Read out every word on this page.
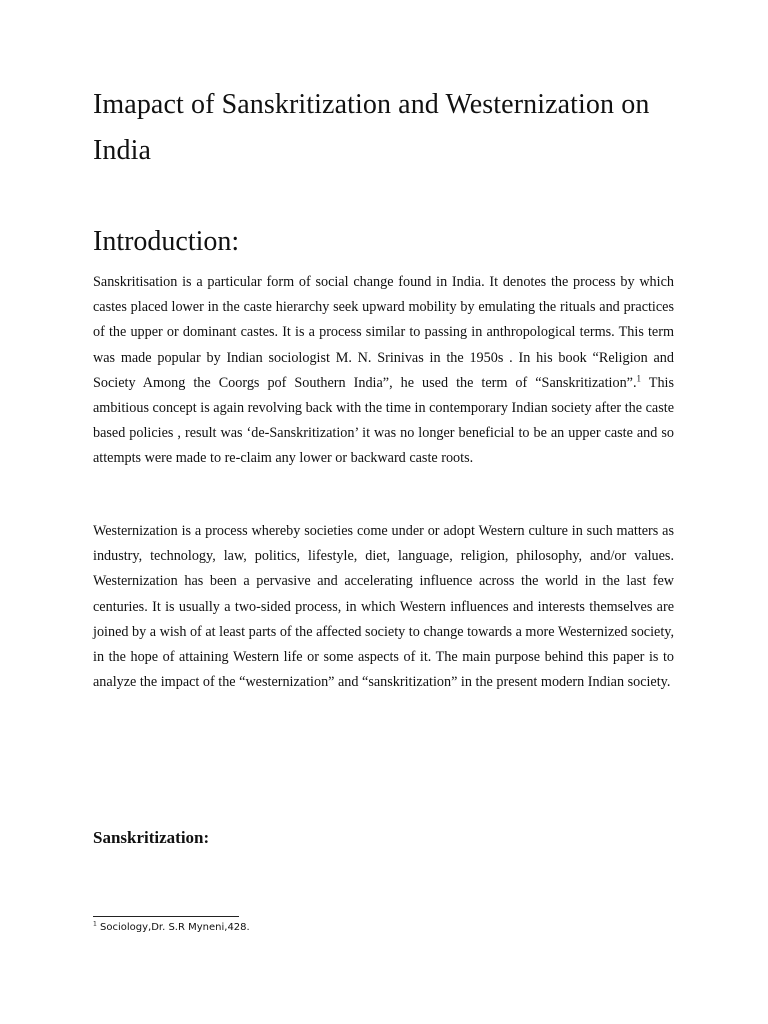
Imapact of Sanskritization and Westernization on India
Introduction:

Sanskritisation is a particular form of social change found in India. It denotes the process by which castes placed lower in the caste hierarchy seek upward mobility by emulating the rituals and practices of the upper or dominant castes. It is a process similar to passing in anthropological terms. This term was made popular by Indian sociologist M. N. Srinivas in the 1950s . In his book “Religion and Society Among the Coorgs pof Southern India”, he used the term of “Sanskritization”.$^1$ This ambitious concept is again revolving back with the time in contemporary Indian society after the caste based policies , result was ‘de-Sanskritization’ it was no longer beneficial to be an upper caste and so attempts were made to re-claim any lower or backward caste roots.

Westernization is a process whereby societies come under or adopt Western culture in such matters as industry, technology, law, politics, lifestyle, diet, language, religion, philosophy, and/or values. Westernization has been a pervasive and accelerating influence across the world in the last few centuries. It is usually a two-sided process, in which Western influences and interests themselves are joined by a wish of at least parts of the affected society to change towards a more Westernized society, in the hope of attaining Western life or some aspects of it. The main purpose behind this paper is to analyze the impact of the “westernization” and “sanskritization” in the present modern Indian society.

Sanskritization:

$^1$ Sociology,Dr. S.R Myneni,428.
